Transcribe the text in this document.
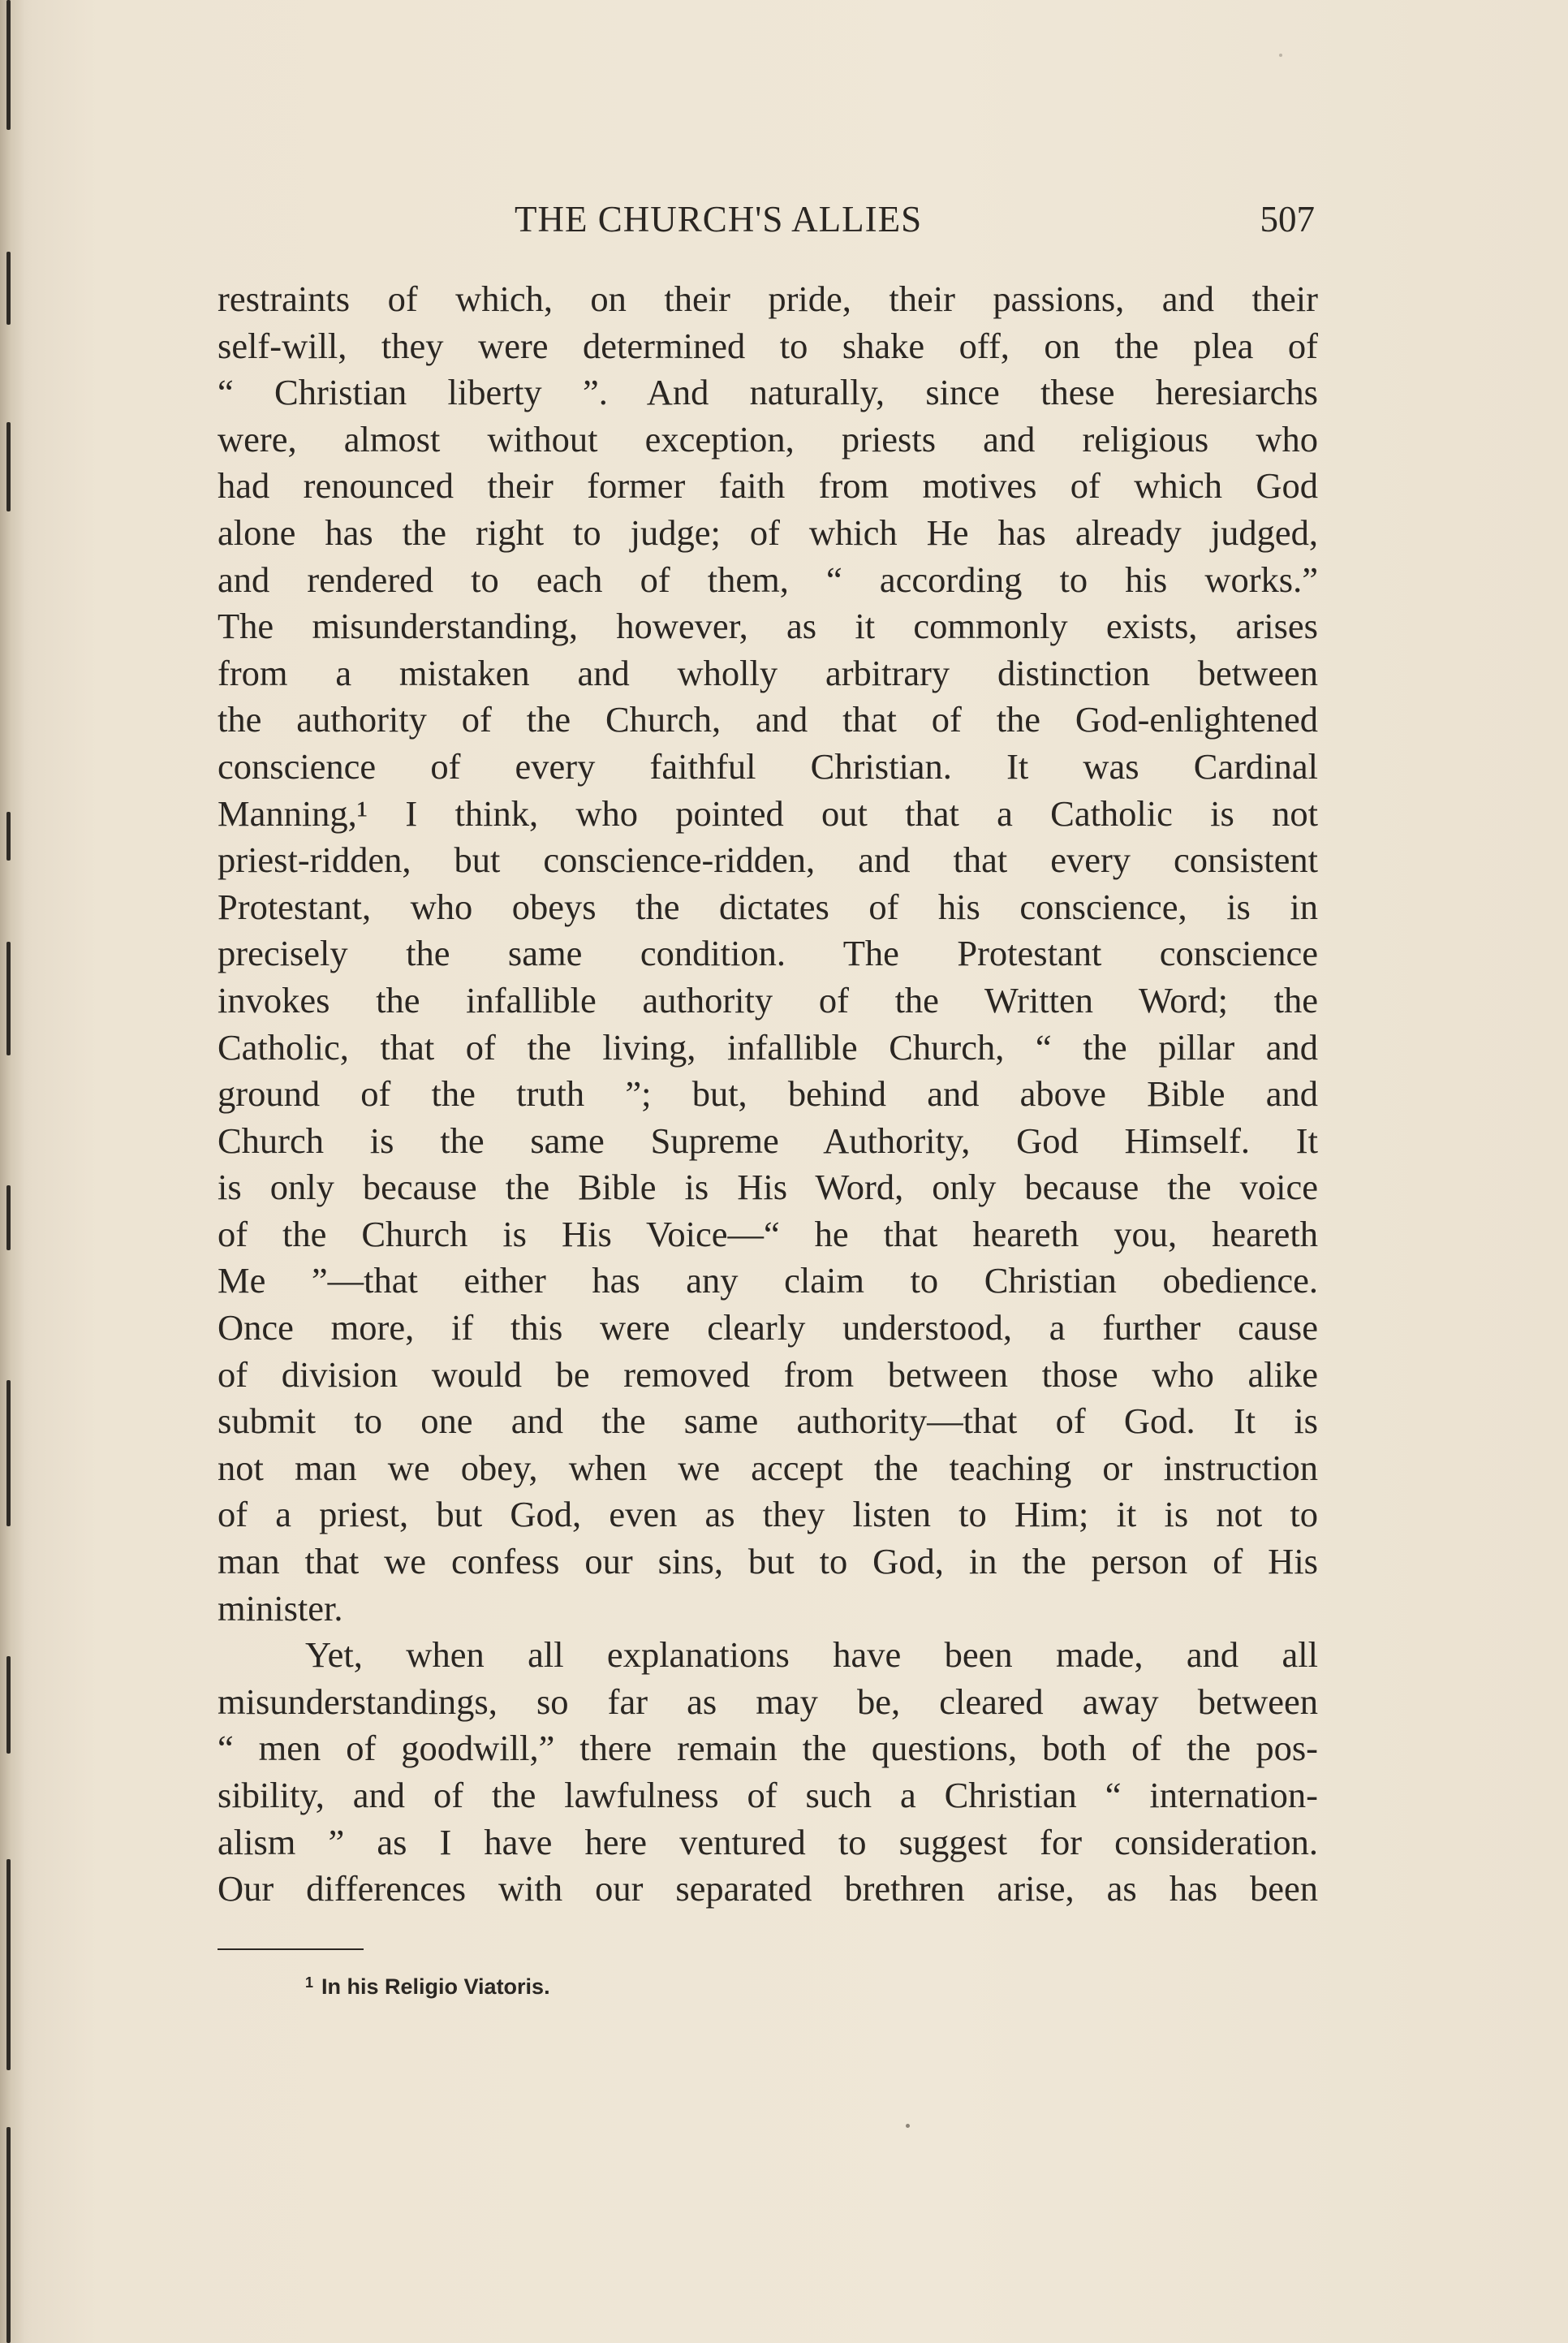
THE CHURCH'S ALLIES	507
restraints of which, on their pride, their passions, and their
self-will, they were determined to shake off, on the plea of
“ Christian liberty ”. And naturally, since these heresiarchs
were, almost without exception, priests and religious who
had renounced their former faith from motives of which God
alone has the right to judge; of which He has already judged,
and rendered to each of them, “ according to his works.”
The misunderstanding, however, as it commonly exists, arises
from a mistaken and wholly arbitrary distinction between
the authority of the Church, and that of the God-enlightened
conscience of every faithful Christian. It was Cardinal
Manning,¹ I think, who pointed out that a Catholic is not
priest-ridden, but conscience-ridden, and that every consistent
Protestant, who obeys the dictates of his conscience, is in
precisely the same condition. The Protestant conscience
invokes the infallible authority of the Written Word; the
Catholic, that of the living, infallible Church, “ the pillar and
ground of the truth ”; but, behind and above Bible and
Church is the same Supreme Authority, God Himself. It
is only because the Bible is His Word, only because the voice
of the Church is His Voice—“ he that heareth you, heareth
Me ”—that either has any claim to Christian obedience.
Once more, if this were clearly understood, a further cause
of division would be removed from between those who alike
submit to one and the same authority—that of God. It is
not man we obey, when we accept the teaching or instruction
of a priest, but God, even as they listen to Him; it is not to
man that we confess our sins, but to God, in the person of His
minister.
Yet, when all explanations have been made, and all
misunderstandings, so far as may be, cleared away between
“ men of goodwill,” there remain the questions, both of the pos-
sibility, and of the lawfulness of such a Christian “ internation-
alism ” as I have here ventured to suggest for consideration.
Our differences with our separated brethren arise, as has been
$^1$ In his Religio Viatoris.
